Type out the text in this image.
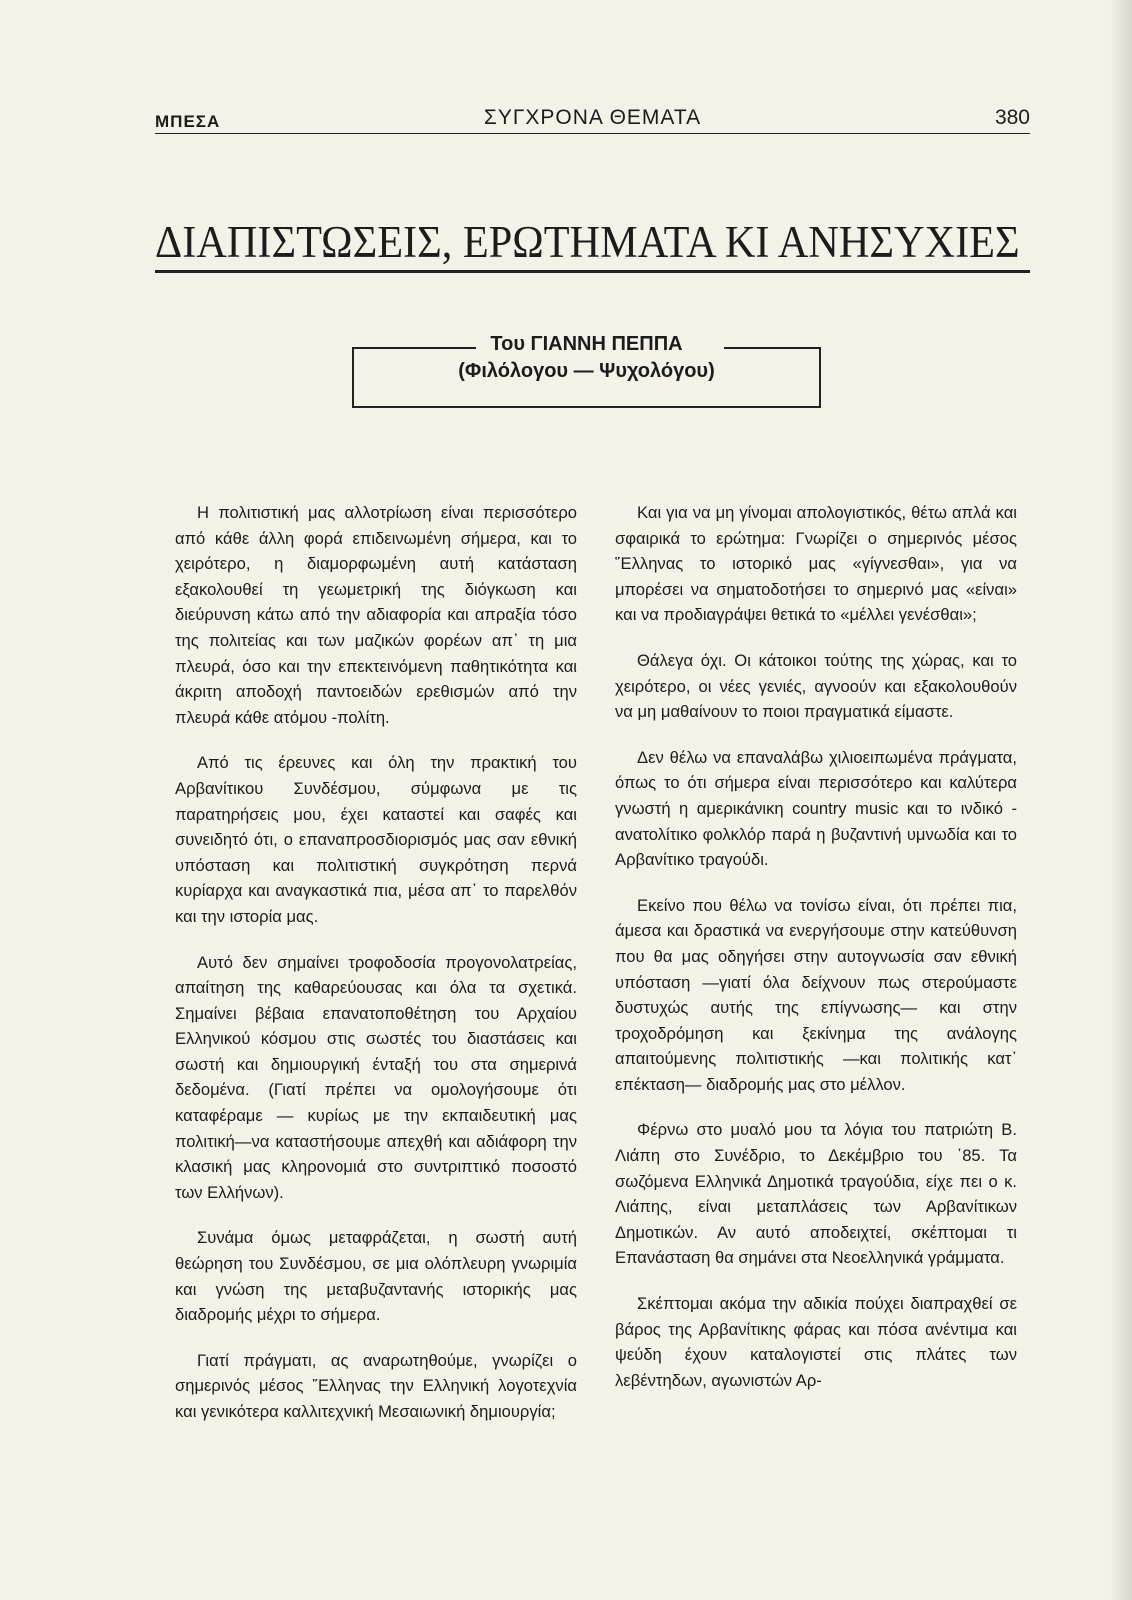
ΜΠΕΣΑ	ΣΥΓΧΡΟΝΑ ΘΕΜΑΤΑ	380
ΔΙΑΠΙΣΤΩΣΕΙΣ, ΕΡΩΤΗΜΑΤΑ ΚΙ ΑΝΗΣΥΧΙΕΣ
Του ΓΙΑΝΝΗ ΠΕΠΠΑ
(Φιλόλογου — Ψυχολόγου)

Η πολιτιστική μας αλλοτρίωση είναι περισσότερο από κάθε άλλη φορά επιδεινωμένη σήμερα, και το χειρότερο, η διαμορφωμένη αυτή κατάσταση εξακολουθεί τη γεωμετρική της διόγκωση και διεύρυνση κάτω από την αδιαφορία και απραξία τόσο της πολιτείας και των μαζικών φορέων απ᾽ τη μια πλευρά, όσο και την επεκτεινόμενη παθητικότητα και άκριτη αποδοχή παντοειδών ερεθισμών από την πλευρά κάθε ατόμου -πολίτη.

Από τις έρευνες και όλη την πρακτική του Αρβανίτικου Συνδέσμου, σύμφωνα με τις παρατηρήσεις μου, έχει καταστεί και σαφές και συνειδητό ότι, ο επαναπροσδιορισμός μας σαν εθνική υπόσταση και πολιτιστική συγκρότηση περνά κυρίαρχα και αναγκαστικά πια, μέσα απ᾽ το παρελθόν και την ιστορία μας.

Αυτό δεν σημαίνει τροφοδοσία προγονολατρείας, απαίτηση της καθαρεύουσας και όλα τα σχετικά. Σημαίνει βέβαια επανατοποθέτηση του Αρχαίου Ελληνικού κόσμου στις σωστές του διαστάσεις και σωστή και δημιουργική ένταξή του στα σημερινά δεδομένα. (Γιατί πρέπει να ομολογήσουμε ότι καταφέραμε — κυρίως με την εκπαιδευτική μας πολιτική—να καταστήσουμε απεχθή και αδιάφορη την κλασική μας κληρονομιά στο συντριπτικό ποσοστό των Ελλήνων).

Συνάμα όμως μεταφράζεται, η σωστή αυτή θεώρηση του Συνδέσμου, σε μια ολόπλευρη γνωριμία και γνώση της μεταβυζαντανής ιστορικής μας διαδρομής μέχρι το σήμερα.

Γιατί πράγματι, ας αναρωτηθούμε, γνωρίζει ο σημερινός μέσος ῞Ελληνας την Ελληνική λογοτεχνία και γενικότερα καλλιτεχνική Μεσαιωνική δημιουργία;

Και για να μη γίνομαι απολογιστικός, θέτω απλά και σφαιρικά το ερώτημα: Γνωρίζει ο σημερινός μέσος ῞Ελληνας το ιστορικό μας «γίγνεσθαι», για να μπορέσει να σηματοδοτήσει το σημερινό μας «είναι» και να προδιαγράψει θετικά το «μέλλει γενέσθαι»;

Θάλεγα όχι. Οι κάτοικοι τούτης της χώρας, και το χειρότερο, οι νέες γενιές, αγνοούν και εξακολουθούν να μη μαθαίνουν το ποιοι πραγματικά είμαστε.

Δεν θέλω να επαναλάβω χιλιοειπωμένα πράγματα, όπως το ότι σήμερα είναι περισσότερο και καλύτερα γνωστή η αμερικάνικη country music και το ινδικό - ανατολίτικο φολκλόρ παρά η βυζαντινή υμνωδία και το Αρβανίτικο τραγούδι.

Εκείνο που θέλω να τονίσω είναι, ότι πρέπει πια, άμεσα και δραστικά να ενεργήσουμε στην κατεύθυνση που θα μας οδηγήσει στην αυτογνωσία σαν εθνική υπόσταση —γιατί όλα δείχνουν πως στερούμαστε δυστυχώς αυτής της επίγνωσης— και στην τροχοδρόμηση και ξεκίνημα της ανάλογης απαιτούμενης πολιτιστικής —και πολιτικής κατ᾽ επέκταση— διαδρομής μας στο μέλλον.

Φέρνω στο μυαλό μου τα λόγια του πατριώτη Β. Λιάπη στο Συνέδριο, το Δεκέμβριο του ᾽85. Τα σωζόμενα Ελληνικά Δημοτικά τραγούδια, είχε πει ο κ. Λιάπης, είναι μεταπλάσεις των Αρβανίτικων Δημοτικών. Αν αυτό αποδειχτεί, σκέπτομαι τι Επανάσταση θα σημάνει στα Νεοελληνικά γράμματα.

Σκέπτομαι ακόμα την αδικία πούχει διαπραχθεί σε βάρος της Αρβανίτικης φάρας και πόσα ανέντιμα και ψεύδη έχουν καταλογιστεί στις πλάτες των λεβέντηδων, αγωνιστών Αρ-
